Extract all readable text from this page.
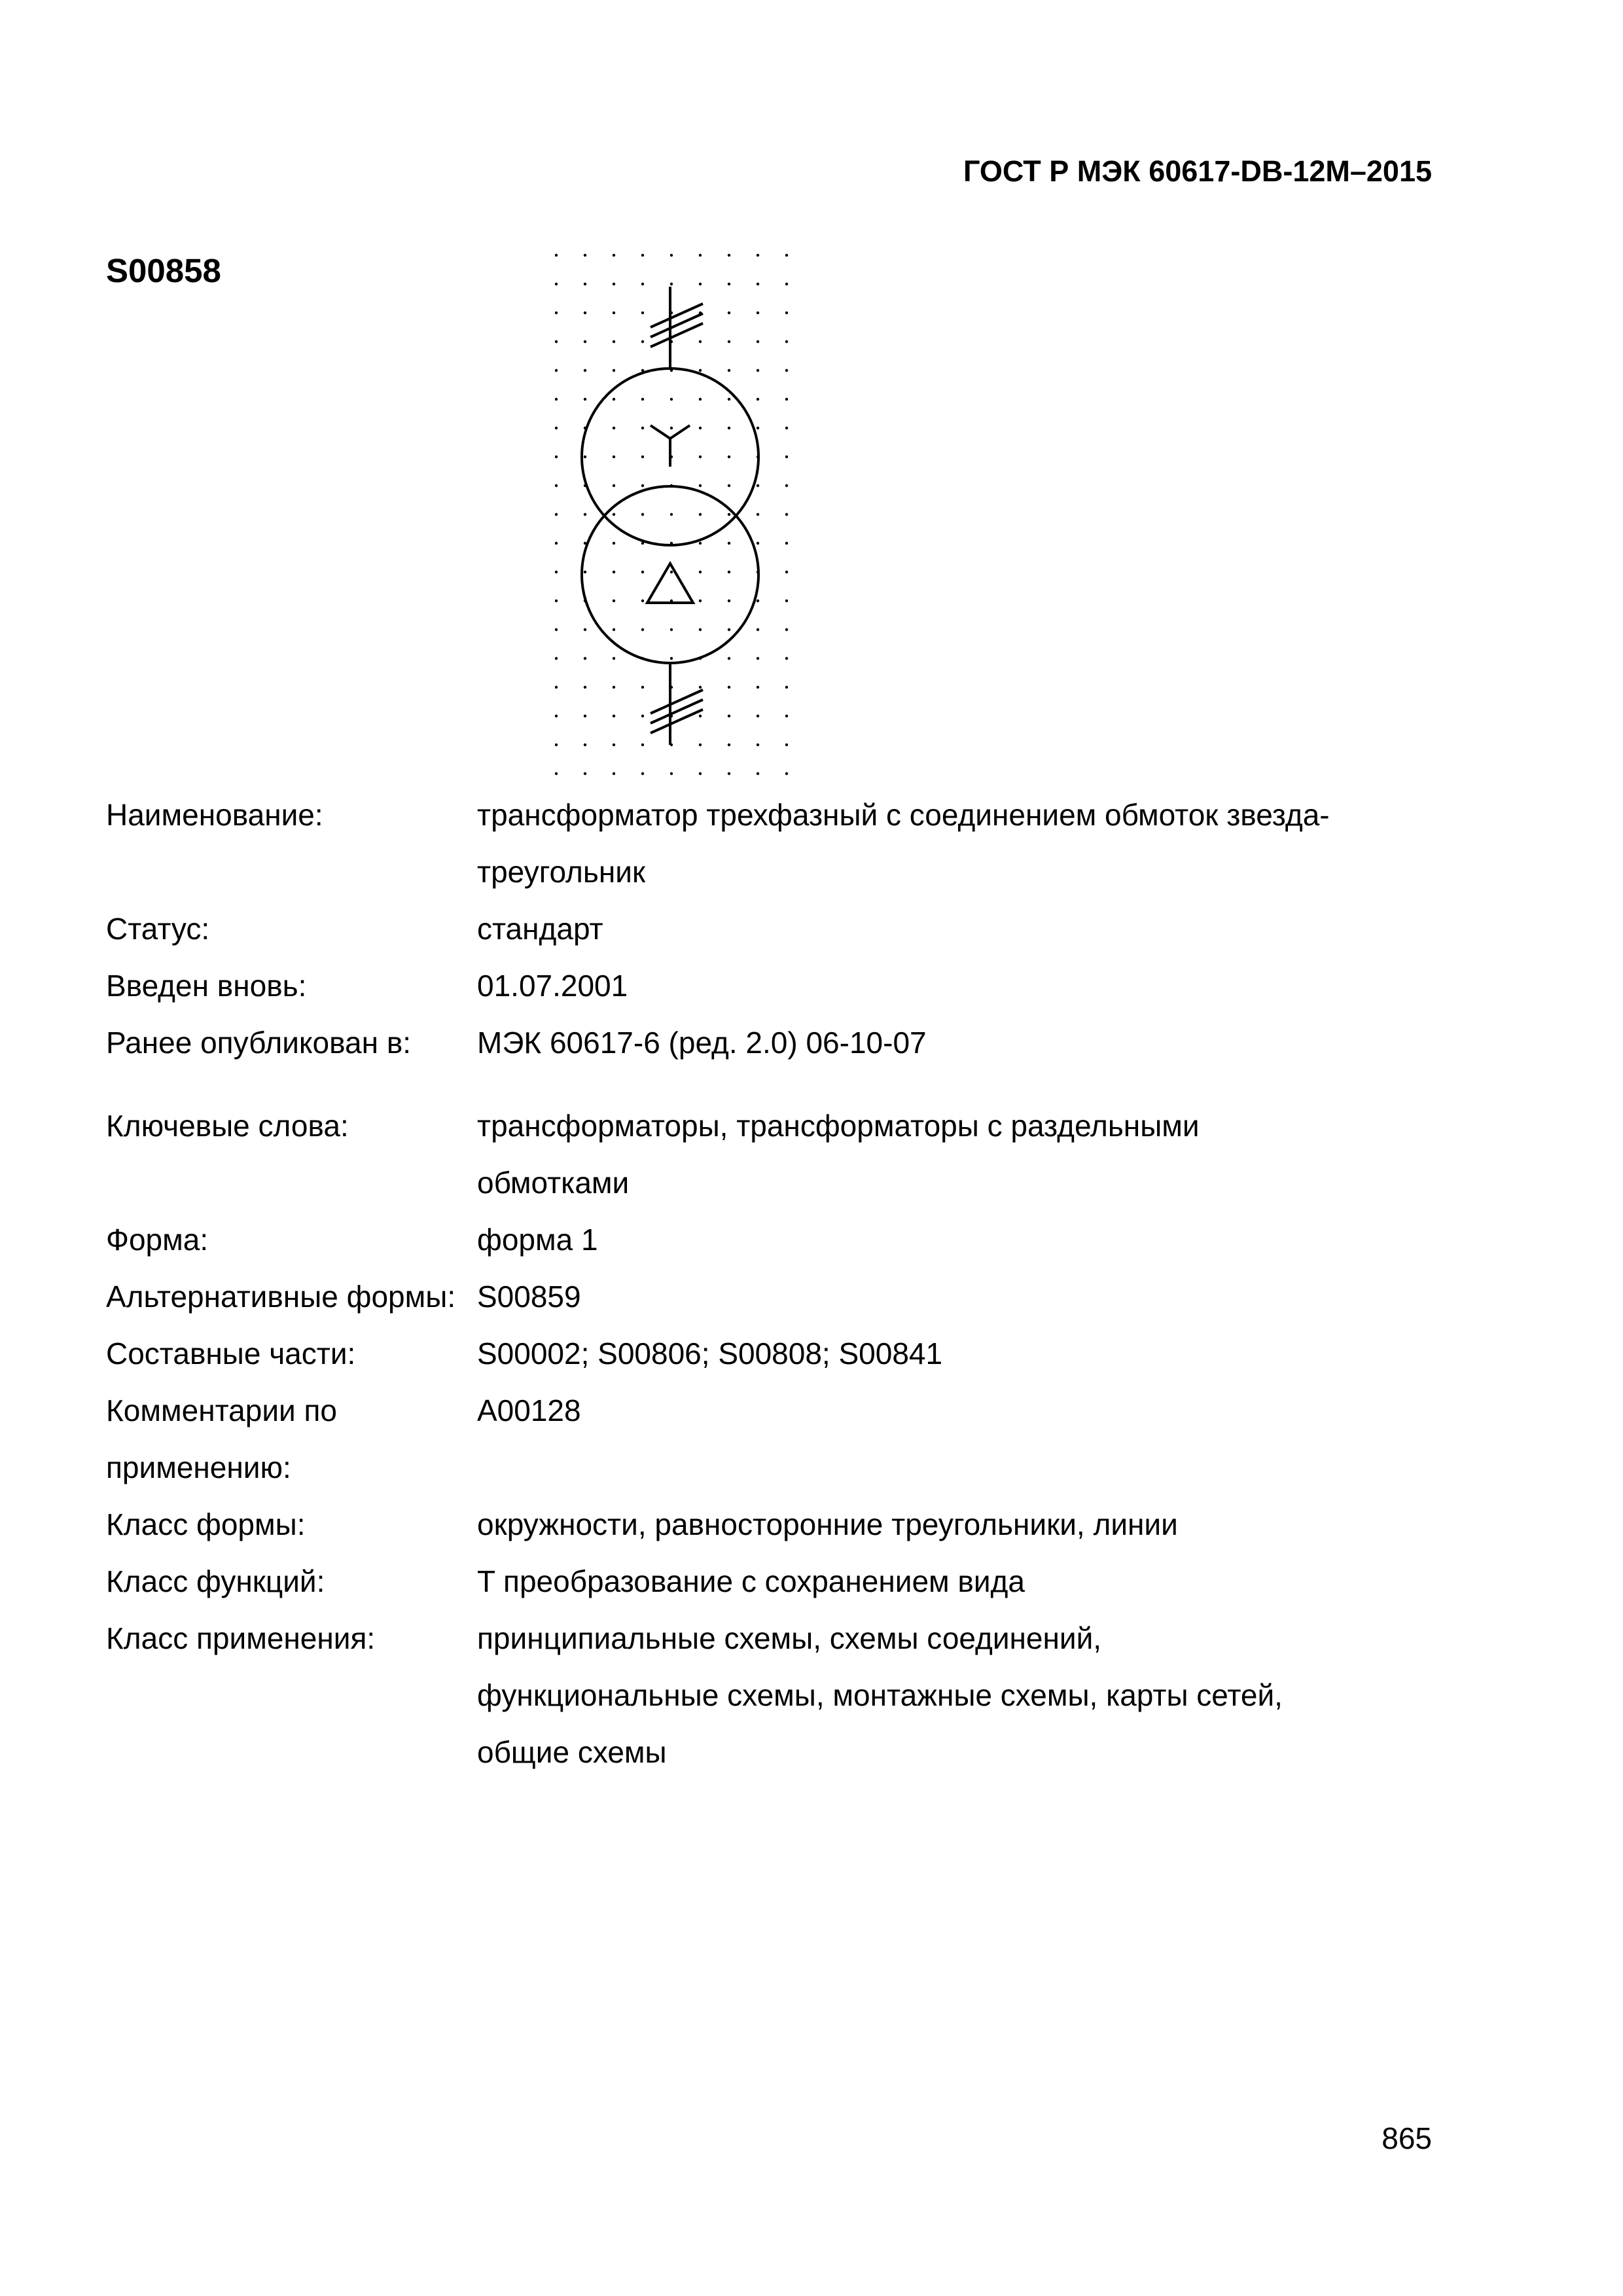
ГОСТ Р МЭК 60617-DB-12M–2015
S00858
Наименование:	трансформатор трехфазный с соединением обмоток звезда-треугольник
Статус:	стандарт
Введен вновь:	01.07.2001
Ранее опубликован в:	МЭК 60617-6 (ред. 2.0) 06-10-07
Ключевые слова:	трансформаторы, трансформаторы с раздельными обмотками
Форма:	форма 1
Альтернативные формы: S00859
Составные части:	S00002; S00806; S00808; S00841
Комментарии по применению:
A00128
Класс формы:	окружности, равносторонние треугольники, линии
Класс функций:	T преобразование с сохранением вида
Класс применения:	принципиальные схемы, схемы соединений, функциональные схемы, монтажные схемы, карты сетей, общие схемы
865
